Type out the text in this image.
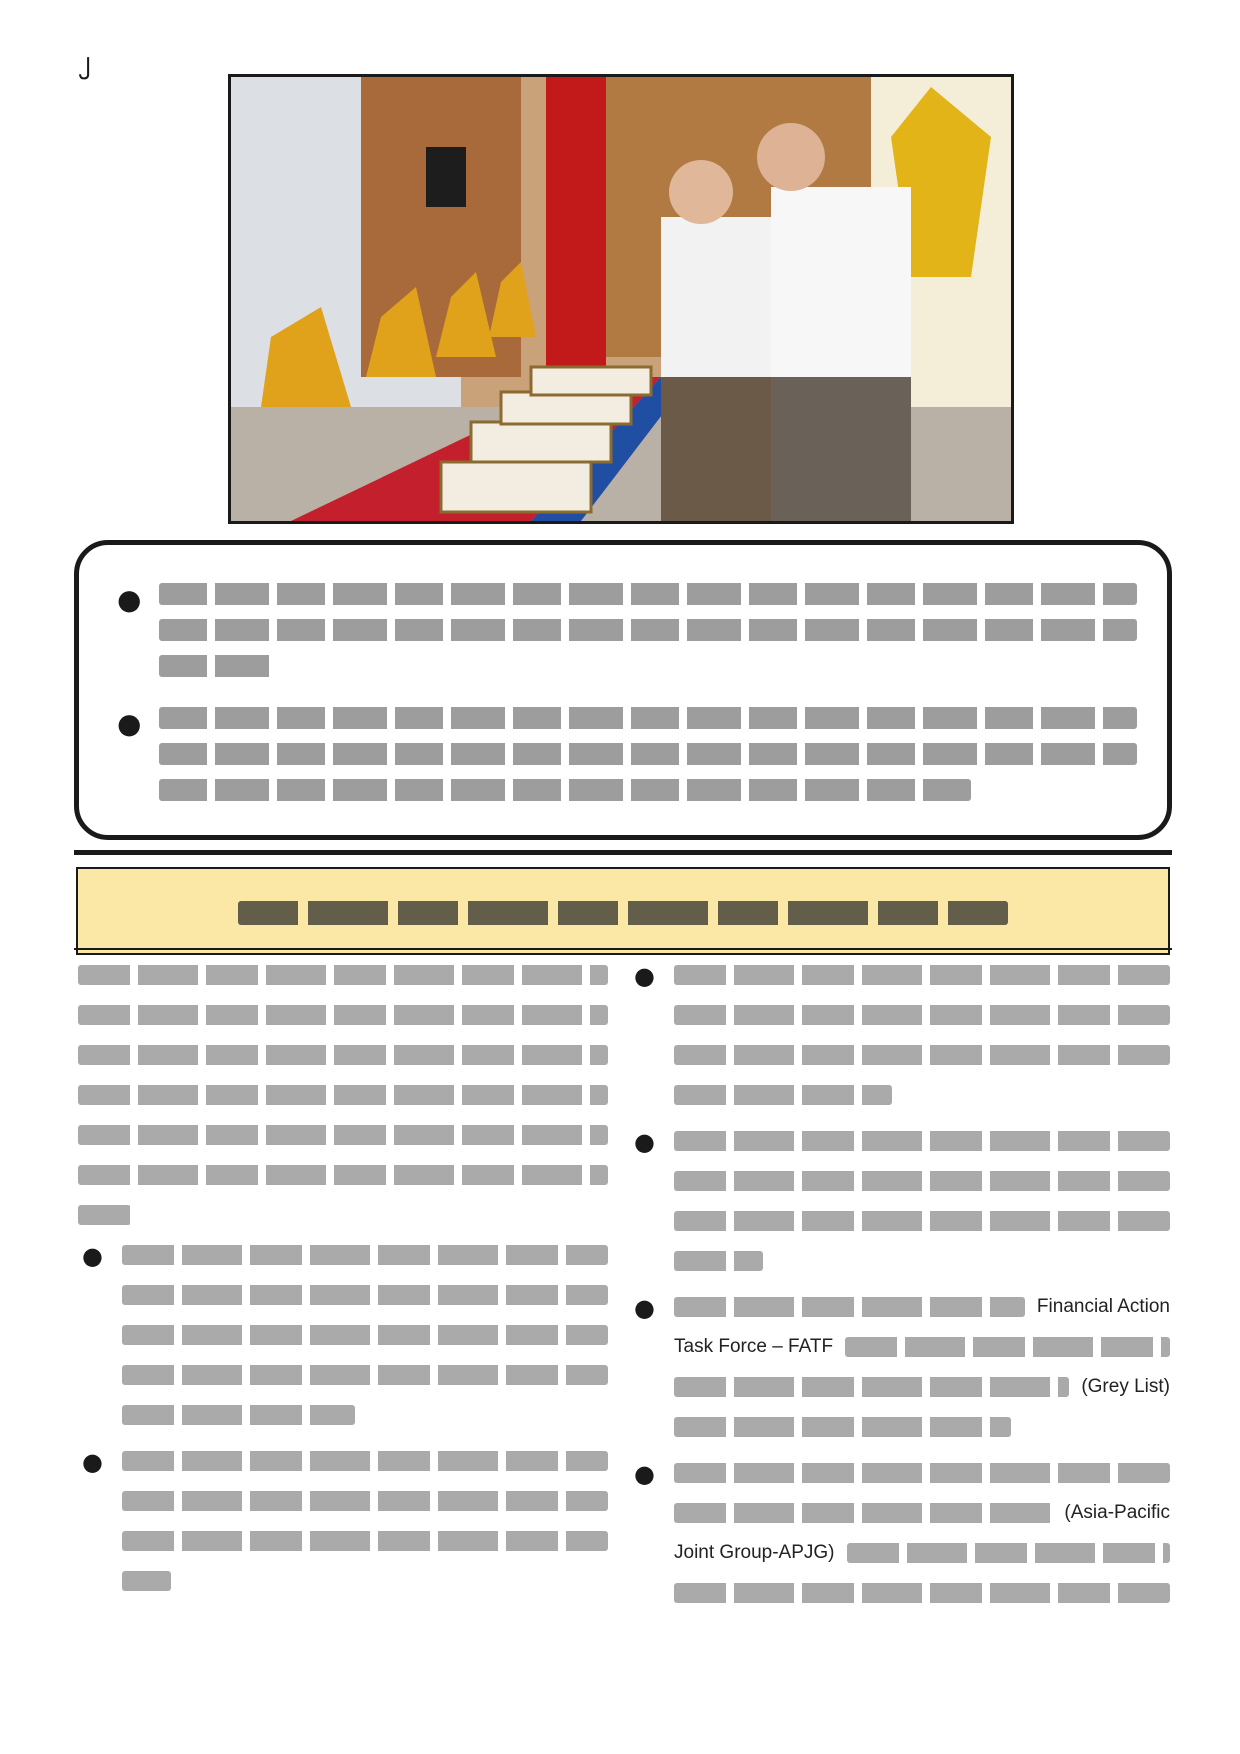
၂
●
●
●
●
●
●
●	Financial Action
Task Force – FATF
(Grey List)
●
(Asia-Pacific
Joint Group-APJG)
